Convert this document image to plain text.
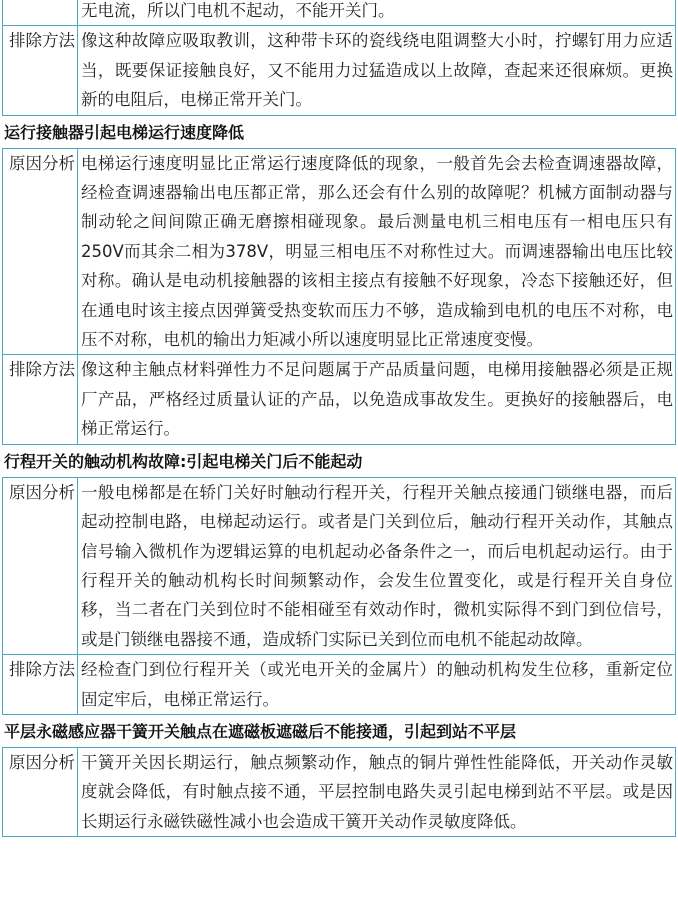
	无电流，所以门电机不起动，不能开关门。
排除方法	像这种故障应吸取教训，这种带卡环的瓷线绕电阻调整大小时，拧螺钉用力应适当，既要保证接触良好，又不能用力过猛造成以上故障，查起来还很麻烦。更换新的电阻后，电梯正常开关门。
运行接触器引起电梯运行速度降低
原因分析	电梯运行速度明显比正常运行速度降低的现象，一般首先会去检查调速器故障，经检查调速器输出电压都正常，那么还会有什么别的故障呢？机械方面制动器与制动轮之间间隙正确无磨擦相碰现象。最后测量电机三相电压有一相电压只有250V而其余二相为378V，明显三相电压不对称性过大。而调速器输出电压比较对称。确认是电动机接触器的该相主接点有接触不好现象，冷态下接触还好，但在通电时该主接点因弹簧受热变软而压力不够，造成输到电机的电压不对称，电压不对称，电机的输出力矩减小所以速度明显比正常速度变慢。
排除方法	像这种主触点材料弹性力不足问题属于产品质量问题，电梯用接触器必须是正规厂产品，严格经过质量认证的产品，以免造成事故发生。更换好的接触器后，电梯正常运行。
行程开关的触动机构故障:引起电梯关门后不能起动
原因分析	一般电梯都是在轿门关好时触动行程开关，行程开关触点接通门锁继电器，而后起动控制电路，电梯起动运行。或者是门关到位后，触动行程开关动作，其触点信号输入微机作为逻辑运算的电机起动必备条件之一，而后电机起动运行。由于行程开关的触动机构长时间频繁动作，会发生位置变化，或是行程开关自身位移，当二者在门关到位时不能相碰至有效动作时，微机实际得不到门到位信号，或是门锁继电器接不通，造成轿门实际已关到位而电机不能起动故障。
排除方法	经检查门到位行程开关（或光电开关的金属片）的触动机构发生位移，重新定位固定牢后，电梯正常运行。
平层永磁感应器干簧开关触点在遮磁板遮磁后不能接通，引起到站不平层
原因分析	干簧开关因长期运行，触点频繁动作，触点的铜片弹性性能降低，开关动作灵敏度就会降低，有时触点接不通，平层控制电路失灵引起电梯到站不平层。或是因长期运行永磁铁磁性减小也会造成干簧开关动作灵敏度降低。
